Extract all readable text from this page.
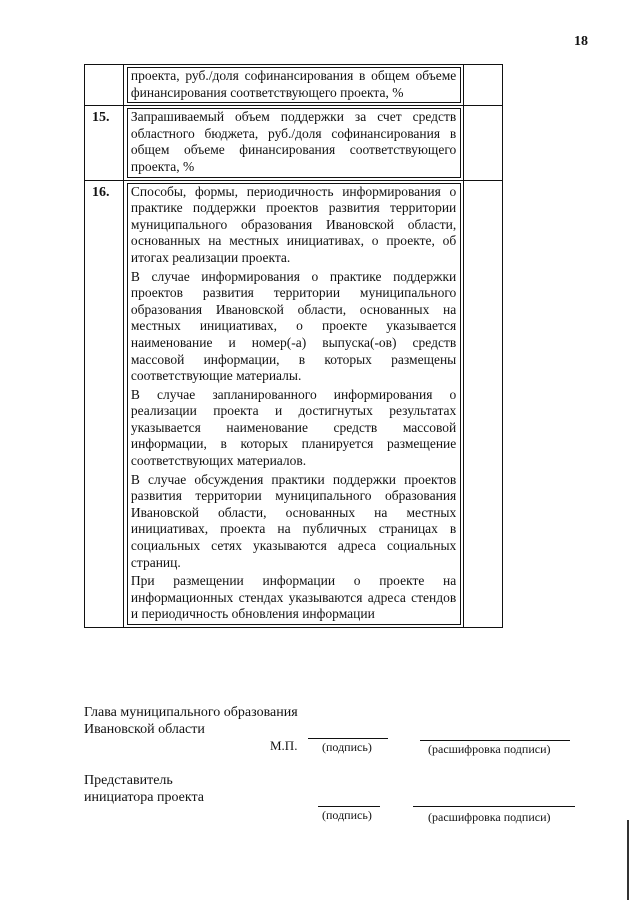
18

	проекта, руб./доля софинансирования в общем объеме финансирования соответствующего проекта, %	

15.	Запрашиваемый объем поддержки за счет средств областного бюджета, руб./доля софинансирования в общем объеме финансирования соответствующего проекта, %	

16.	Способы, формы, периодичность информирования о практике поддержки проектов развития территории муниципального образования Ивановской области, основанных на местных инициативах, о проекте, об итогах реализации проекта.
В случае информирования о практике поддержки проектов развития территории муниципального образования Ивановской области, основанных на местных инициативах, о проекте указывается наименование и номер(-а) выпуска(-ов) средств массовой информации, в которых размещены соответствующие материалы.
В случае запланированного информирования о реализации проекта и достигнутых результатах указывается наименование средств массовой информации, в которых планируется размещение соответствующих материалов.
В случае обсуждения практики поддержки проектов развития территории муниципального образования Ивановской области, основанных на местных инициативах, проекта на публичных страницах в социальных сетях указываются адреса социальных страниц.
При размещении информации о проекте на информационных стендах указываются адреса стендов и периодичность обновления информации	

Глава муниципального образования
Ивановской области
М.П. (подпись)	(расшифровка подписи)
Представитель
инициатора проекта
(подпись)	(расшифровка подписи)
